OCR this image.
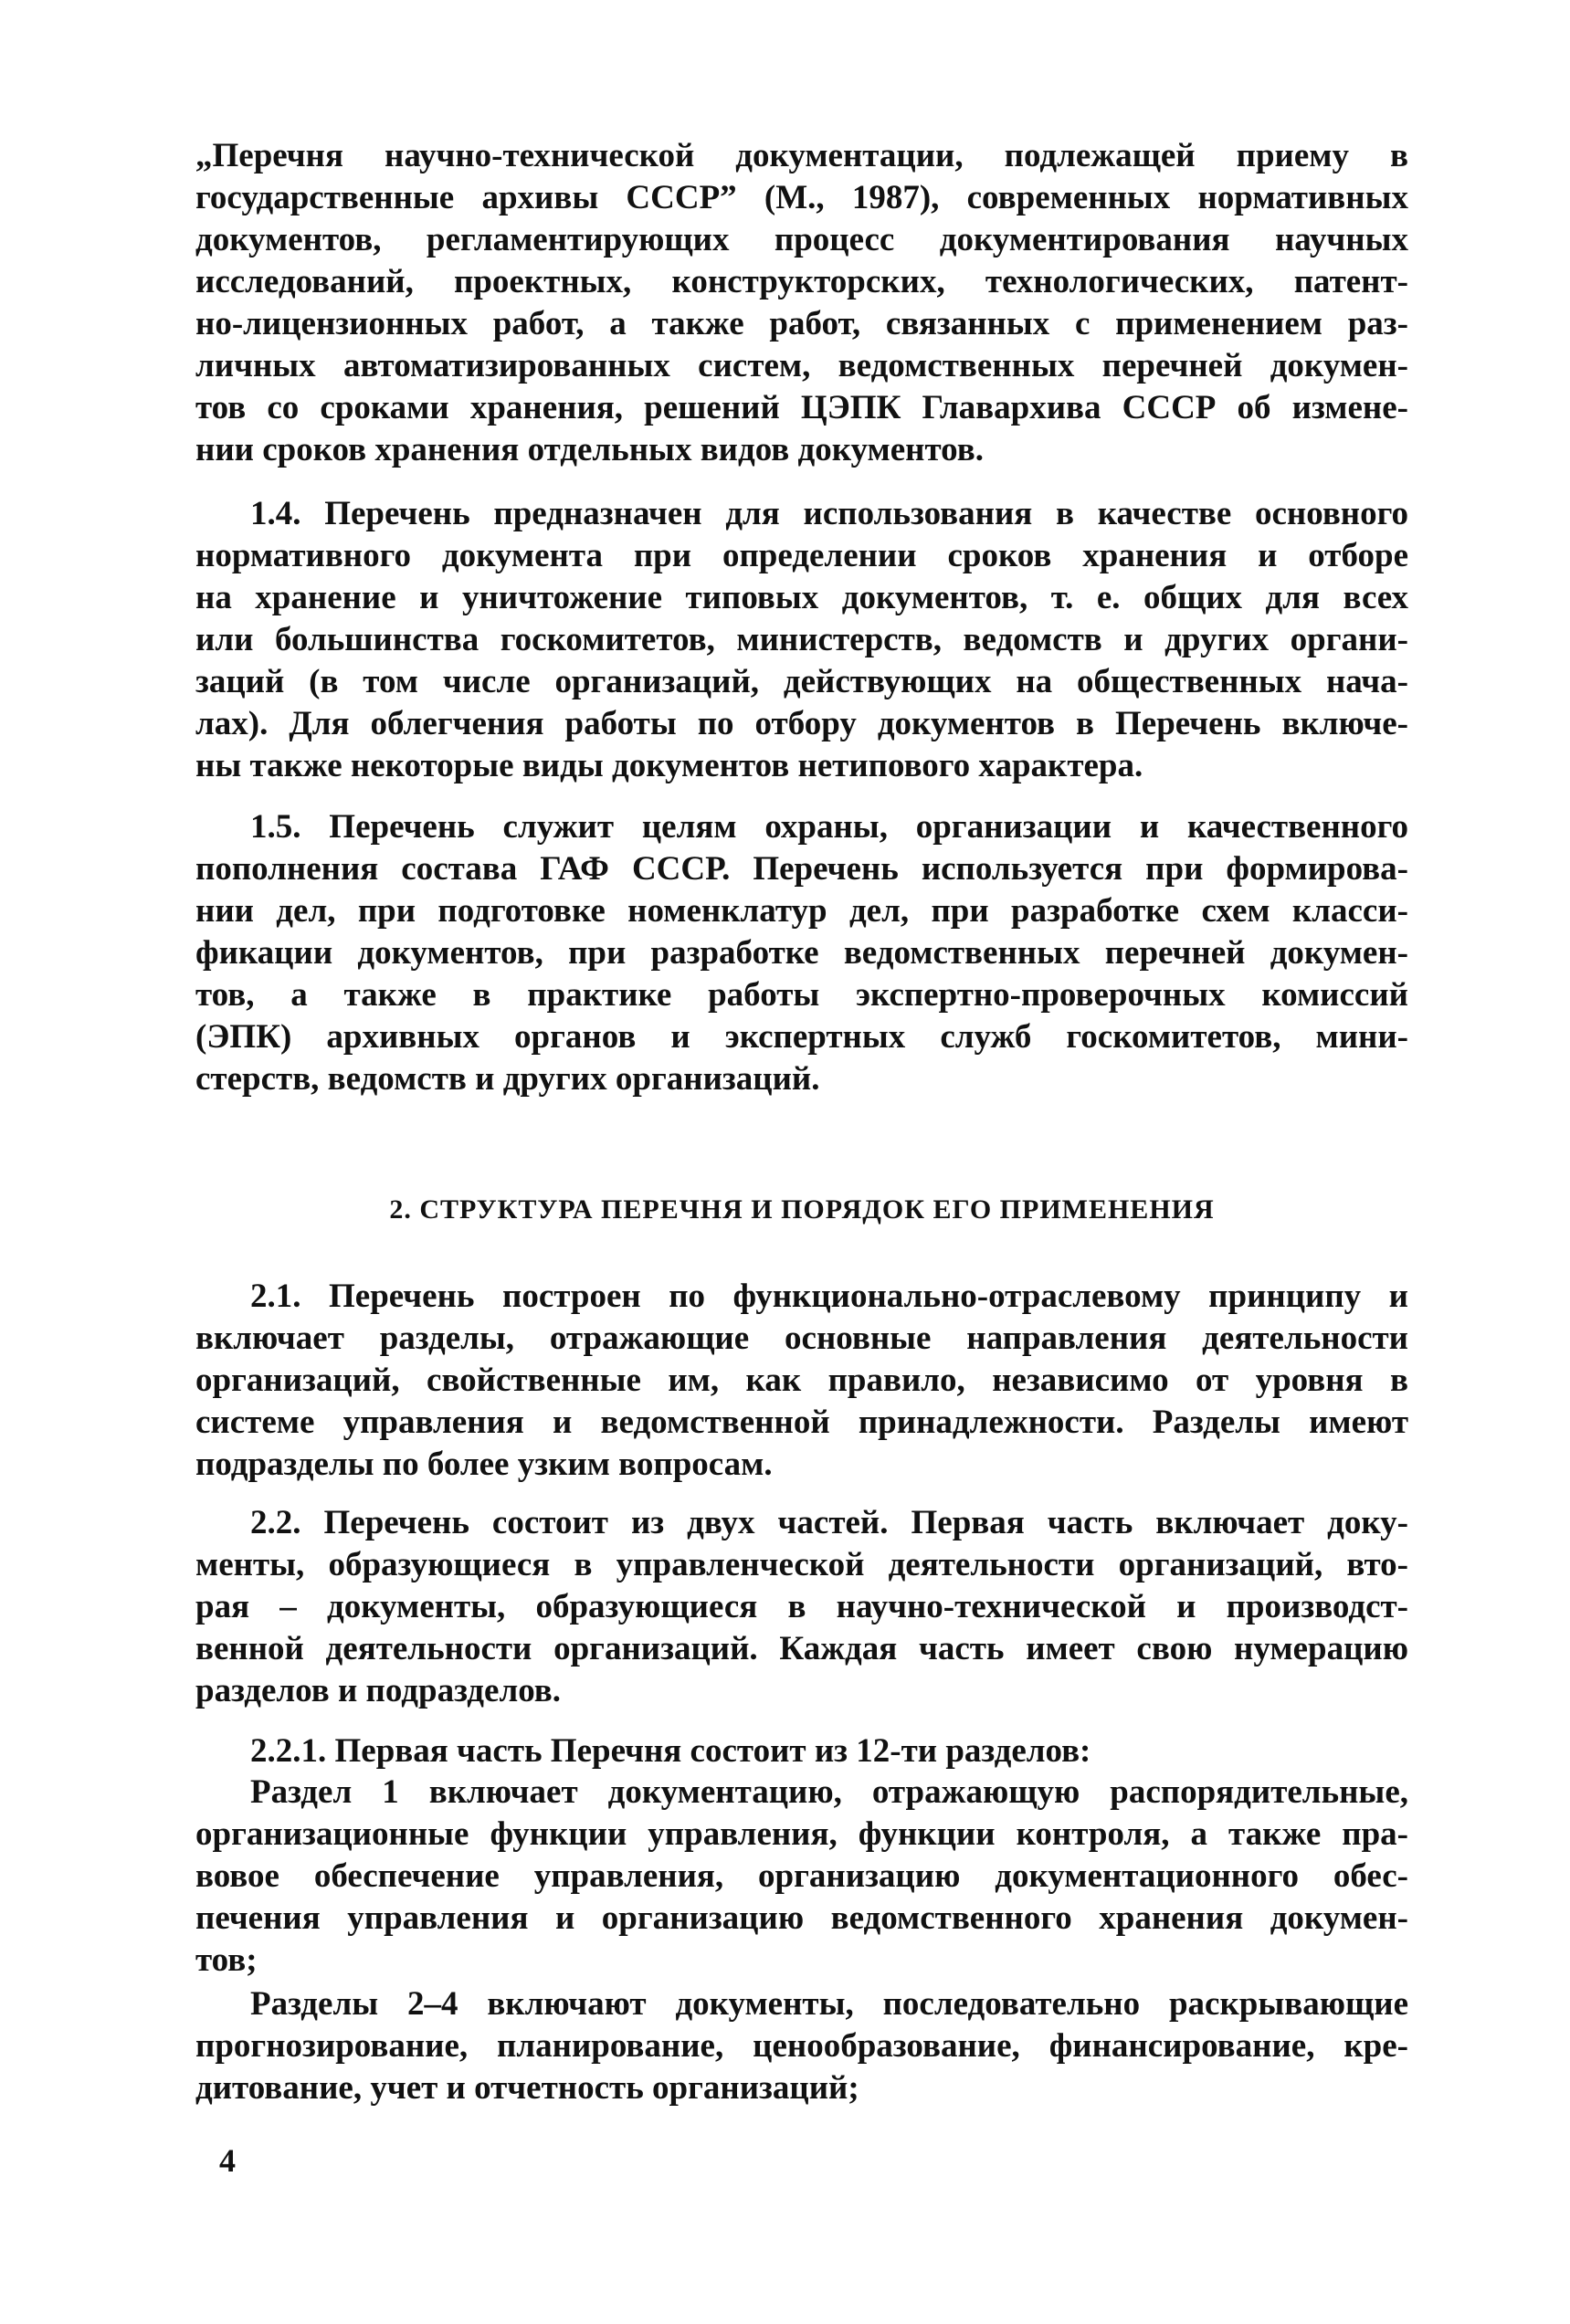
„Перечня научно-технической документации, подлежащей приему в
государственные архивы СССР” (М., 1987), современных нормативных
документов, регламентирующих процесс документирования научных
исследований, проектных, конструкторских, технологических, патент-
но-лицензионных работ, а также работ, связанных с применением раз-
личных автоматизированных систем, ведомственных перечней докумен-
тов со сроками хранения, решений ЦЭПК Главархива СССР об измене-
нии сроков хранения отдельных видов документов.
1.4. Перечень предназначен для использования в качестве основного
нормативного документа при определении сроков хранения и отборе
на хранение и уничтожение типовых документов, т. е. общих для всех
или большинства госкомитетов, министерств, ведомств и других органи-
заций (в том числе организаций, действующих на общественных нача-
лах). Для облегчения работы по отбору документов в Перечень включе-
ны также некоторые виды документов нетипового характера.
1.5. Перечень служит целям охраны, организации и качественного
пополнения состава ГАФ СССР. Перечень используется при формирова-
нии дел, при подготовке номенклатур дел, при разработке схем класси-
фикации документов, при разработке ведомственных перечней докумен-
тов, а также в практике работы экспертно-проверочных комиссий
(ЭПК) архивных органов и экспертных служб госкомитетов, мини-
стерств, ведомств и других организаций.
2. СТРУКТУРА ПЕРЕЧНЯ И ПОРЯДОК ЕГО ПРИМЕНЕНИЯ
2.1. Перечень построен по функционально-отраслевому принципу и
включает разделы, отражающие основные направления деятельности
организаций, свойственные им, как правило, независимо от уровня в
системе управления и ведомственной принадлежности. Разделы имеют
подразделы по более узким вопросам.
2.2. Перечень состоит из двух частей. Первая часть включает доку-
менты, образующиеся в управленческой деятельности организаций, вто-
рая – документы, образующиеся в научно-технической и производст-
венной деятельности организаций. Каждая часть имеет свою нумерацию
разделов и подразделов.
2.2.1. Первая часть Перечня состоит из 12-ти разделов:
Раздел 1 включает документацию, отражающую распорядительные,
организационные функции управления, функции контроля, а также пра-
вовое обеспечение управления, организацию документационного обес-
печения управления и организацию ведомственного хранения докумен-
тов;
Разделы 2–4 включают документы, последовательно раскрывающие
прогнозирование, планирование, ценообразование, финансирование, кре-
дитование, учет и отчетность организаций;
4
